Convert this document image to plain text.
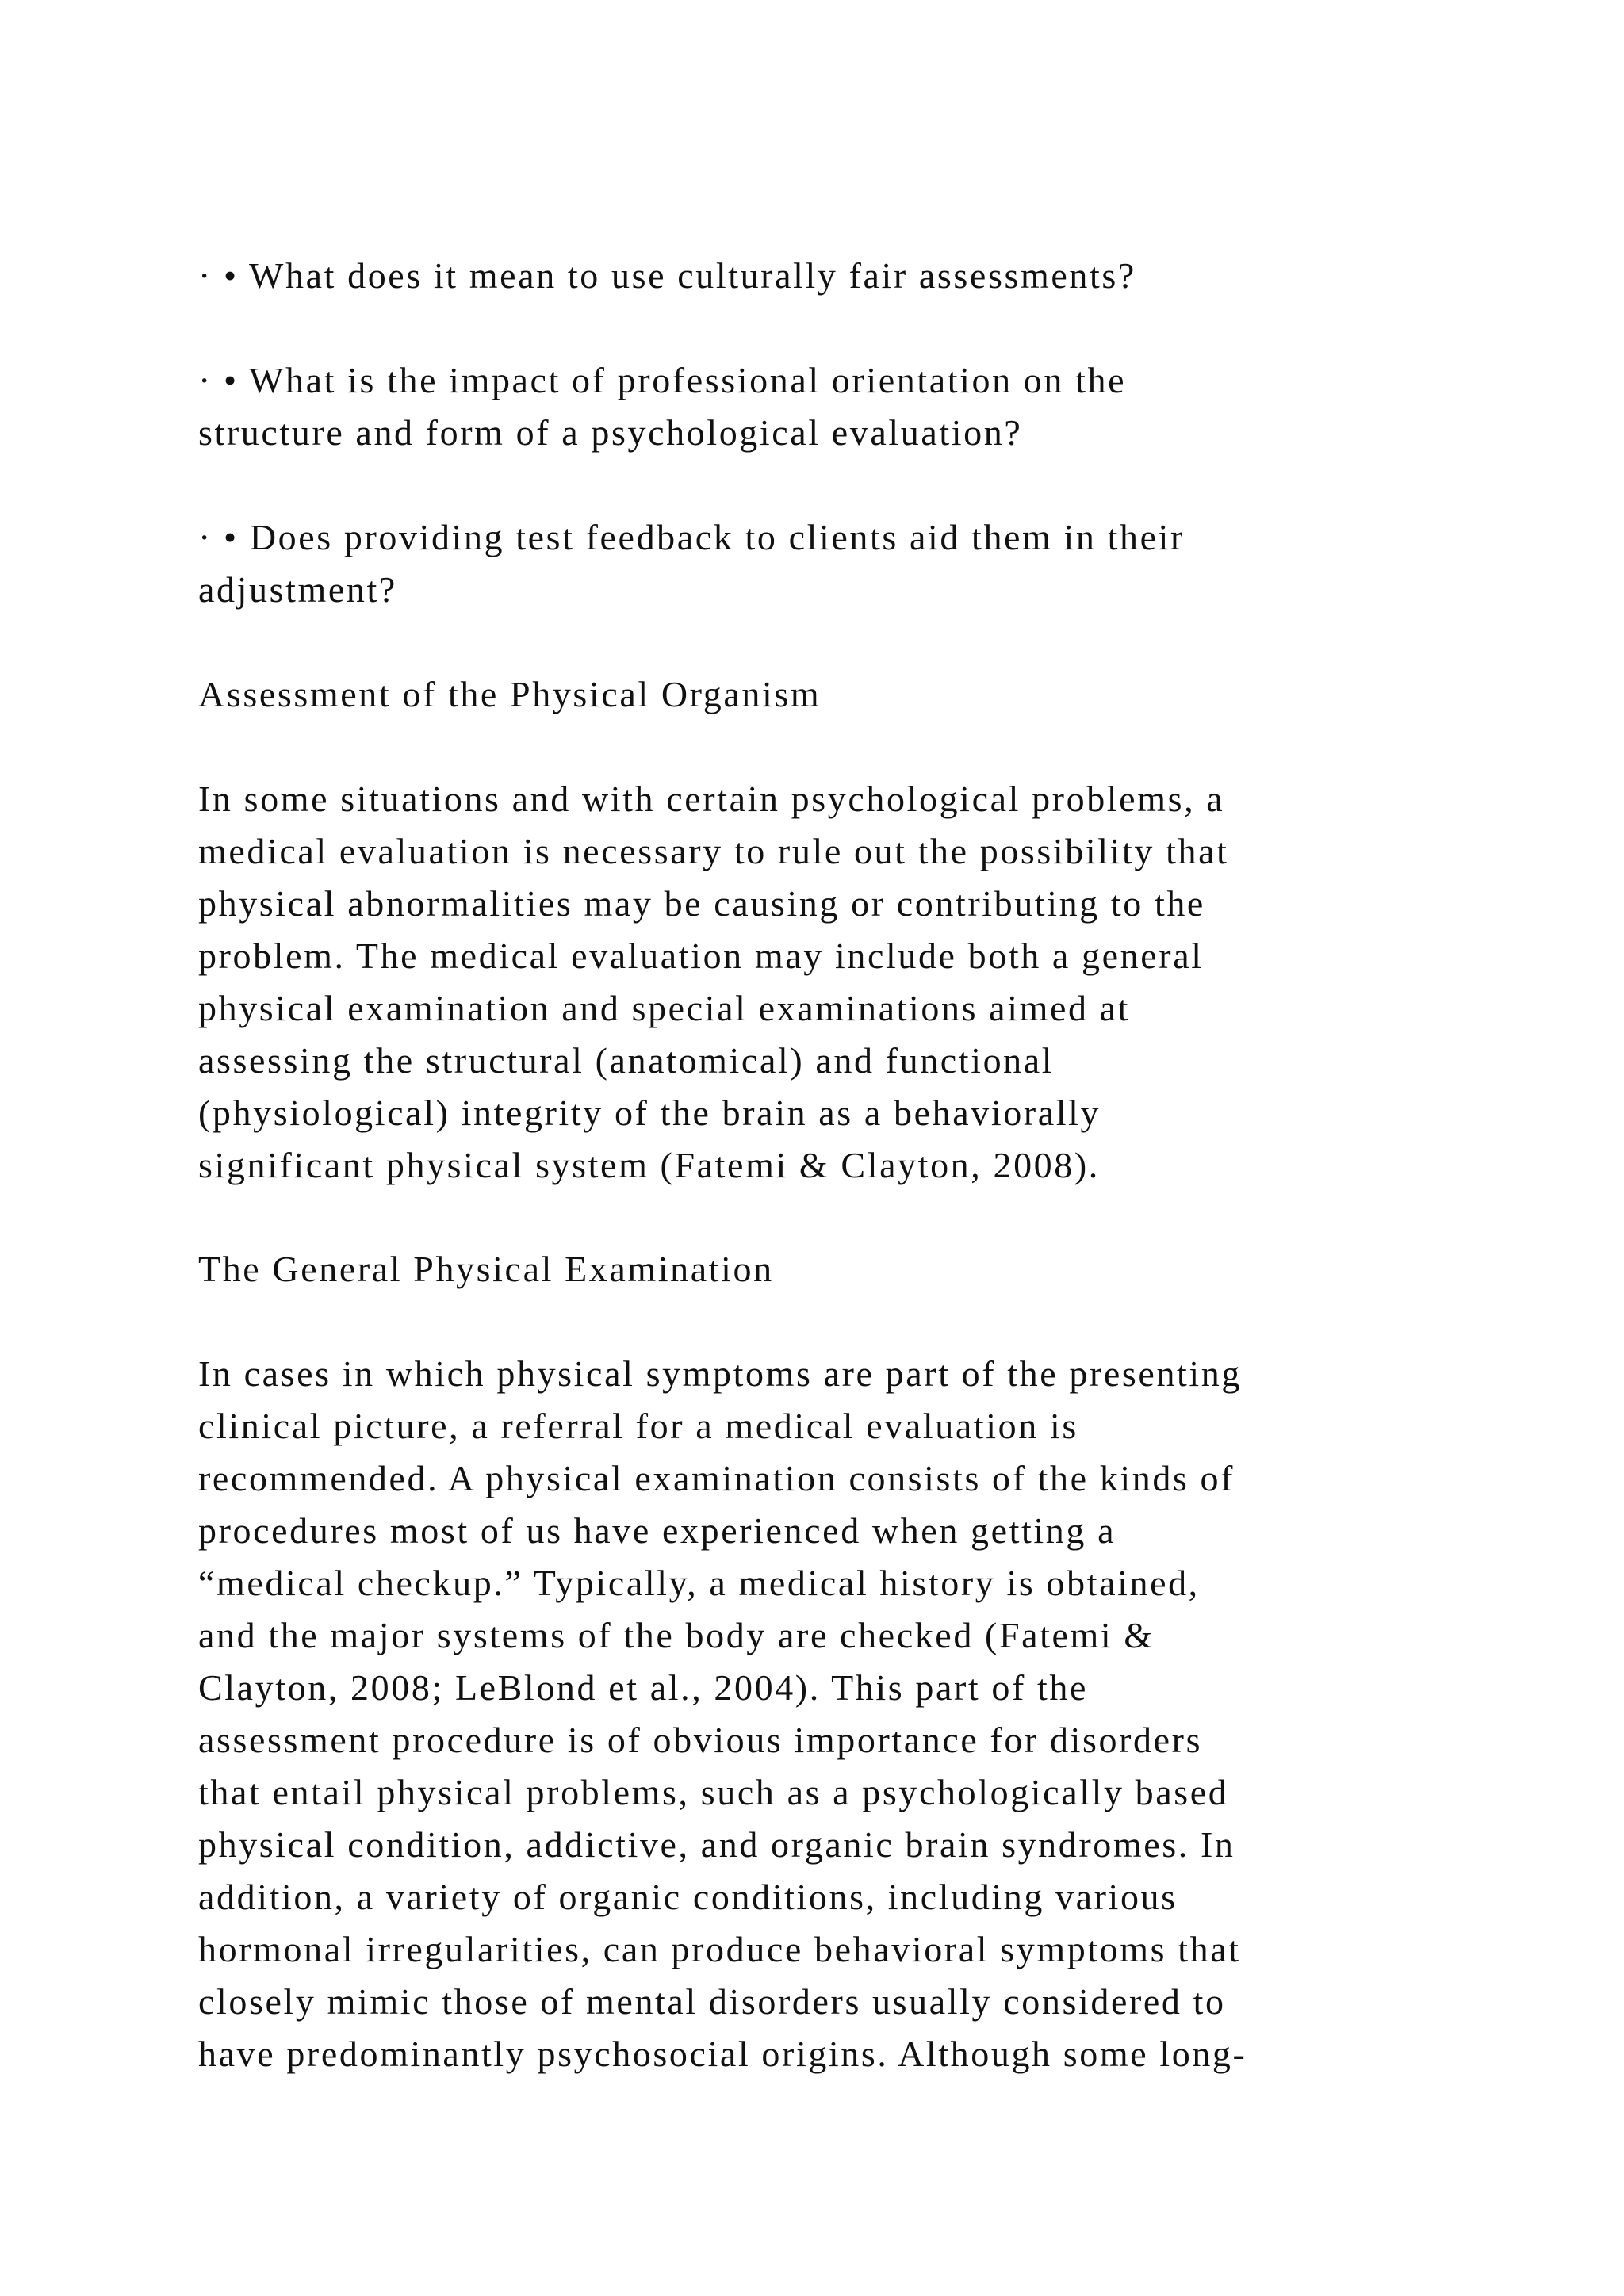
· • What does it mean to use culturally fair assessments?
· • What is the impact of professional orientation on the
structure and form of a psychological evaluation?
· • Does providing test feedback to clients aid them in their
adjustment?
Assessment of the Physical Organism
In some situations and with certain psychological problems, a
medical evaluation is necessary to rule out the possibility that
physical abnormalities may be causing or contributing to the
problem. The medical evaluation may include both a general
physical examination and special examinations aimed at
assessing the structural (anatomical) and functional
(physiological) integrity of the brain as a behaviorally
significant physical system (Fatemi & Clayton, 2008).
The General Physical Examination
In cases in which physical symptoms are part of the presenting
clinical picture, a referral for a medical evaluation is
recommended. A physical examination consists of the kinds of
procedures most of us have experienced when getting a
“medical checkup.” Typically, a medical history is obtained,
and the major systems of the body are checked (Fatemi &
Clayton, 2008; LeBlond et al., 2004). This part of the
assessment procedure is of obvious importance for disorders
that entail physical problems, such as a psychologically based
physical condition, addictive, and organic brain syndromes. In
addition, a variety of organic conditions, including various
hormonal irregularities, can produce behavioral symptoms that
closely mimic those of mental disorders usually considered to
have predominantly psychosocial origins. Although some long-
